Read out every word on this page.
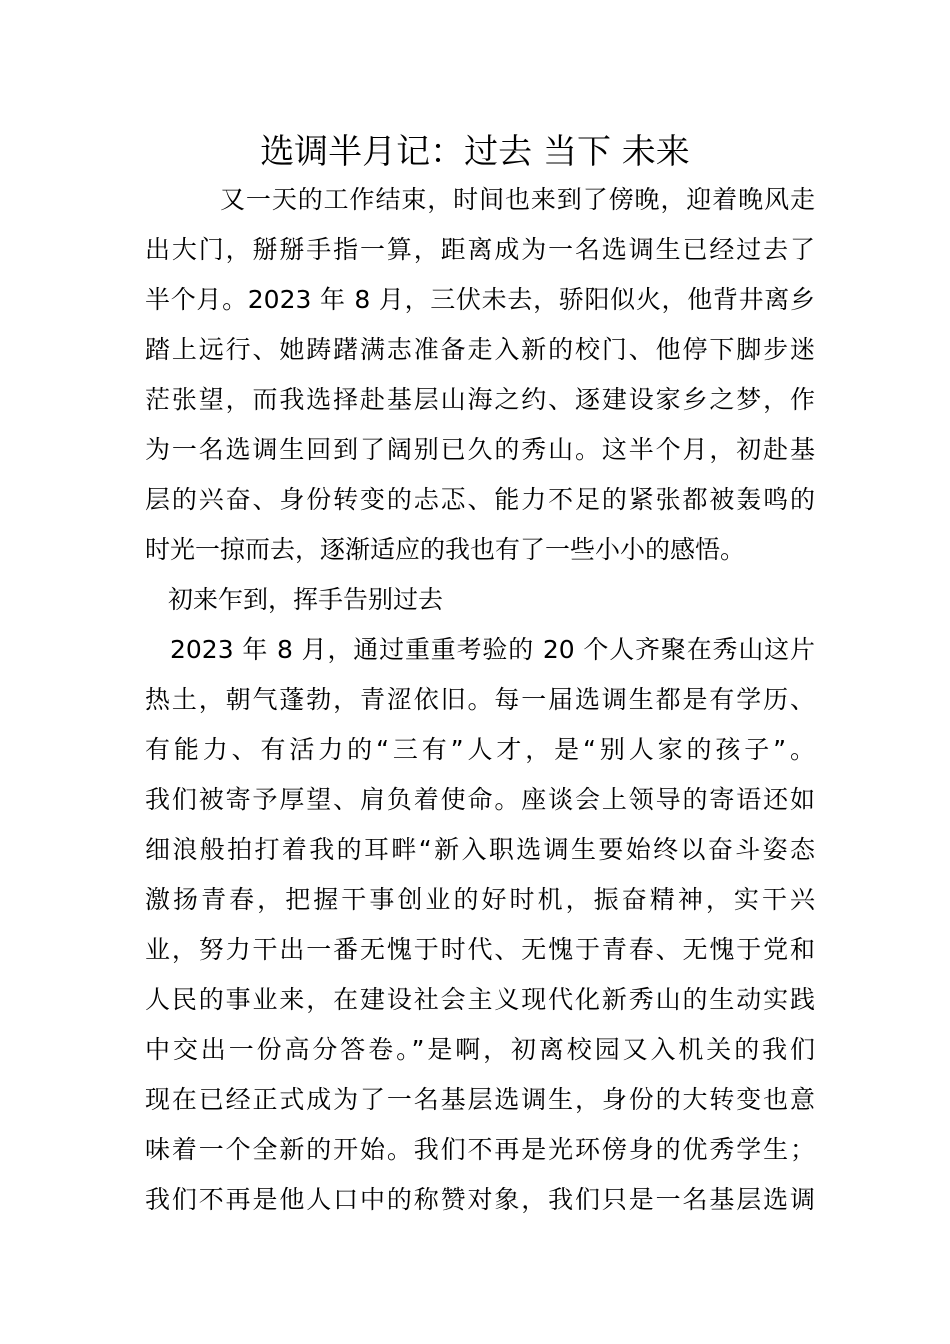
选调半月记：过去 当下 未来
又一天的工作结束，时间也来到了傍晚，迎着晚风走
出大门，掰掰手指一算，距离成为一名选调生已经过去了
半个月。2023 年 8 月，三伏未去，骄阳似火，他背井离乡
踏上远行、她踌躇满志准备走入新的校门、他停下脚步迷
茫张望，而我选择赴基层山海之约、逐建设家乡之梦，作
为一名选调生回到了阔别已久的秀山。这半个月，初赴基
层的兴奋、身份转变的忐忑、能力不足的紧张都被轰鸣的
时光一掠而去，逐渐适应的我也有了一些小小的感悟。
初来乍到，挥手告别过去
2023 年 8 月，通过重重考验的 20 个人齐聚在秀山这片
热土，朝气蓬勃，青涩依旧。每一届选调生都是有学历、
有能力、有活力的“三有”人才，是“别人家的孩子”。
我们被寄予厚望、肩负着使命。座谈会上领导的寄语还如
细浪般拍打着我的耳畔“新入职选调生要始终以奋斗姿态
激扬青春，把握干事创业的好时机，振奋精神，实干兴
业，努力干出一番无愧于时代、无愧于青春、无愧于党和
人民的事业来，在建设社会主义现代化新秀山的生动实践
中交出一份高分答卷。”是啊，初离校园又入机关的我们
现在已经正式成为了一名基层选调生，身份的大转变也意
味着一个全新的开始。我们不再是光环傍身的优秀学生；
我们不再是他人口中的称赞对象，我们只是一名基层选调
